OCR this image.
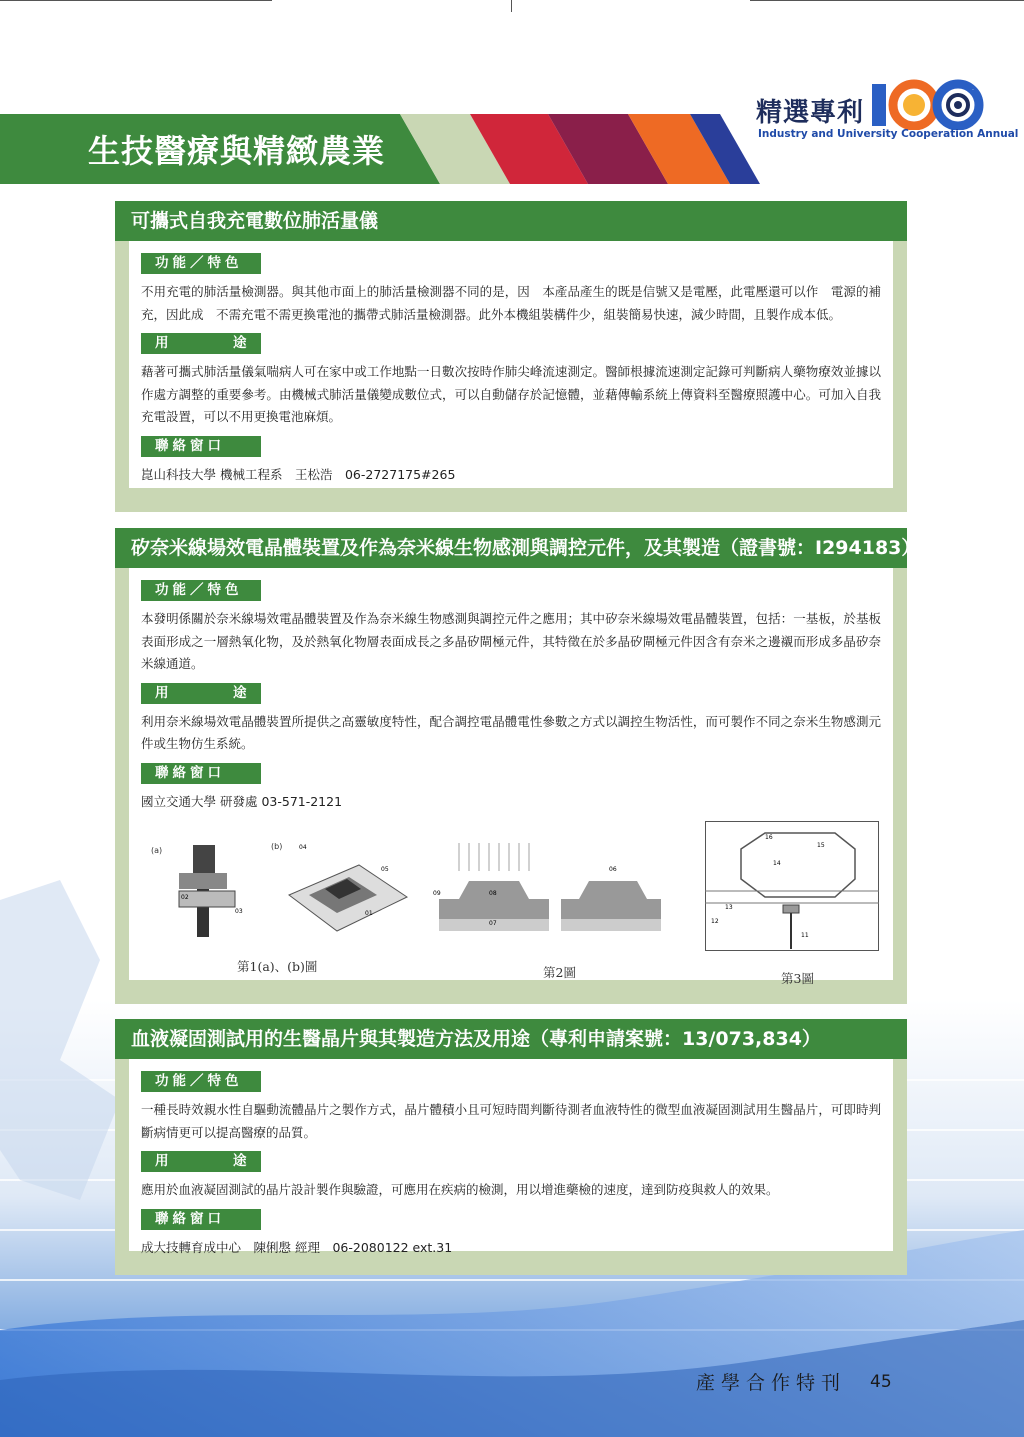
生技醫療與精緻農業
精選專利
100
Industry and University Cooperation Annual
可攜式自我充電數位肺活量儀
功能／特色
不用充電的肺活量檢測器。與其他市面上的肺活量檢測器不同的是，因　本產品產生的既是信號又是電壓，此電壓還可以作　電源的補充，因此成　不需充電不需更換電池的攜帶式肺活量檢測器。此外本機組裝構件少，組裝簡易快速，減少時間，且製作成本低。
用	途
藉著可攜式肺活量儀氣喘病人可在家中或工作地點一日數次按時作肺尖峰流速測定。醫師根據流速測定記錄可判斷病人藥物療效並據以作處方調整的重要參考。由機械式肺活量儀變成數位式，可以自動儲存於記憶體，並藉傳輸系統上傳資料至醫療照護中心。可加入自我充電設置，可以不用更換電池麻煩。
聯絡窗口
崑山科技大學 機械工程系　王松浩　06-2727175#265
矽奈米線場效電晶體裝置及作為奈米線生物感測與調控元件，及其製造（證書號：I294183）
功能／特色
本發明係關於奈米線場效電晶體裝置及作為奈米線生物感測與調控元件之應用；其中矽奈米線場效電晶體裝置，包括：一基板，於基板表面形成之一層熱氧化物，及於熱氧化物層表面成長之多晶矽閘極元件，其特徵在於多晶矽閘極元件因含有奈米之邊襯而形成多晶矽奈米線通道。
用	途
利用奈米線場效電晶體裝置所提供之高靈敏度特性，配合調控電晶體電性參數之方式以調控生物活性，而可製作不同之奈米生物感測元件或生物仿生系統。
聯絡窗口
國立交通大學 研發處 03-571-2121
(a)
02
03
(b)	04
05
01
09
07
08
06
16
15
14
13
12
11
第1(a)、(b)圖	第2圖	第3圖
血液凝固測試用的生醫晶片與其製造方法及用途（專利申請案號：13/073,834）
功能／特色
一種長時效親水性自驅動流體晶片之製作方式，晶片體積小且可短時間判斷待測者血液特性的微型血液凝固測試用生醫晶片，可即時判斷病情更可以提高醫療的品質。
用	途
應用於血液凝固測試的晶片設計製作與驗證，可應用在疾病的檢測，用以增進藥檢的速度，達到防疫與救人的效果。
聯絡窗口
成大技轉育成中心　陳俐慇 經理　06-2080122 ext.31
產學合作特刊 45
